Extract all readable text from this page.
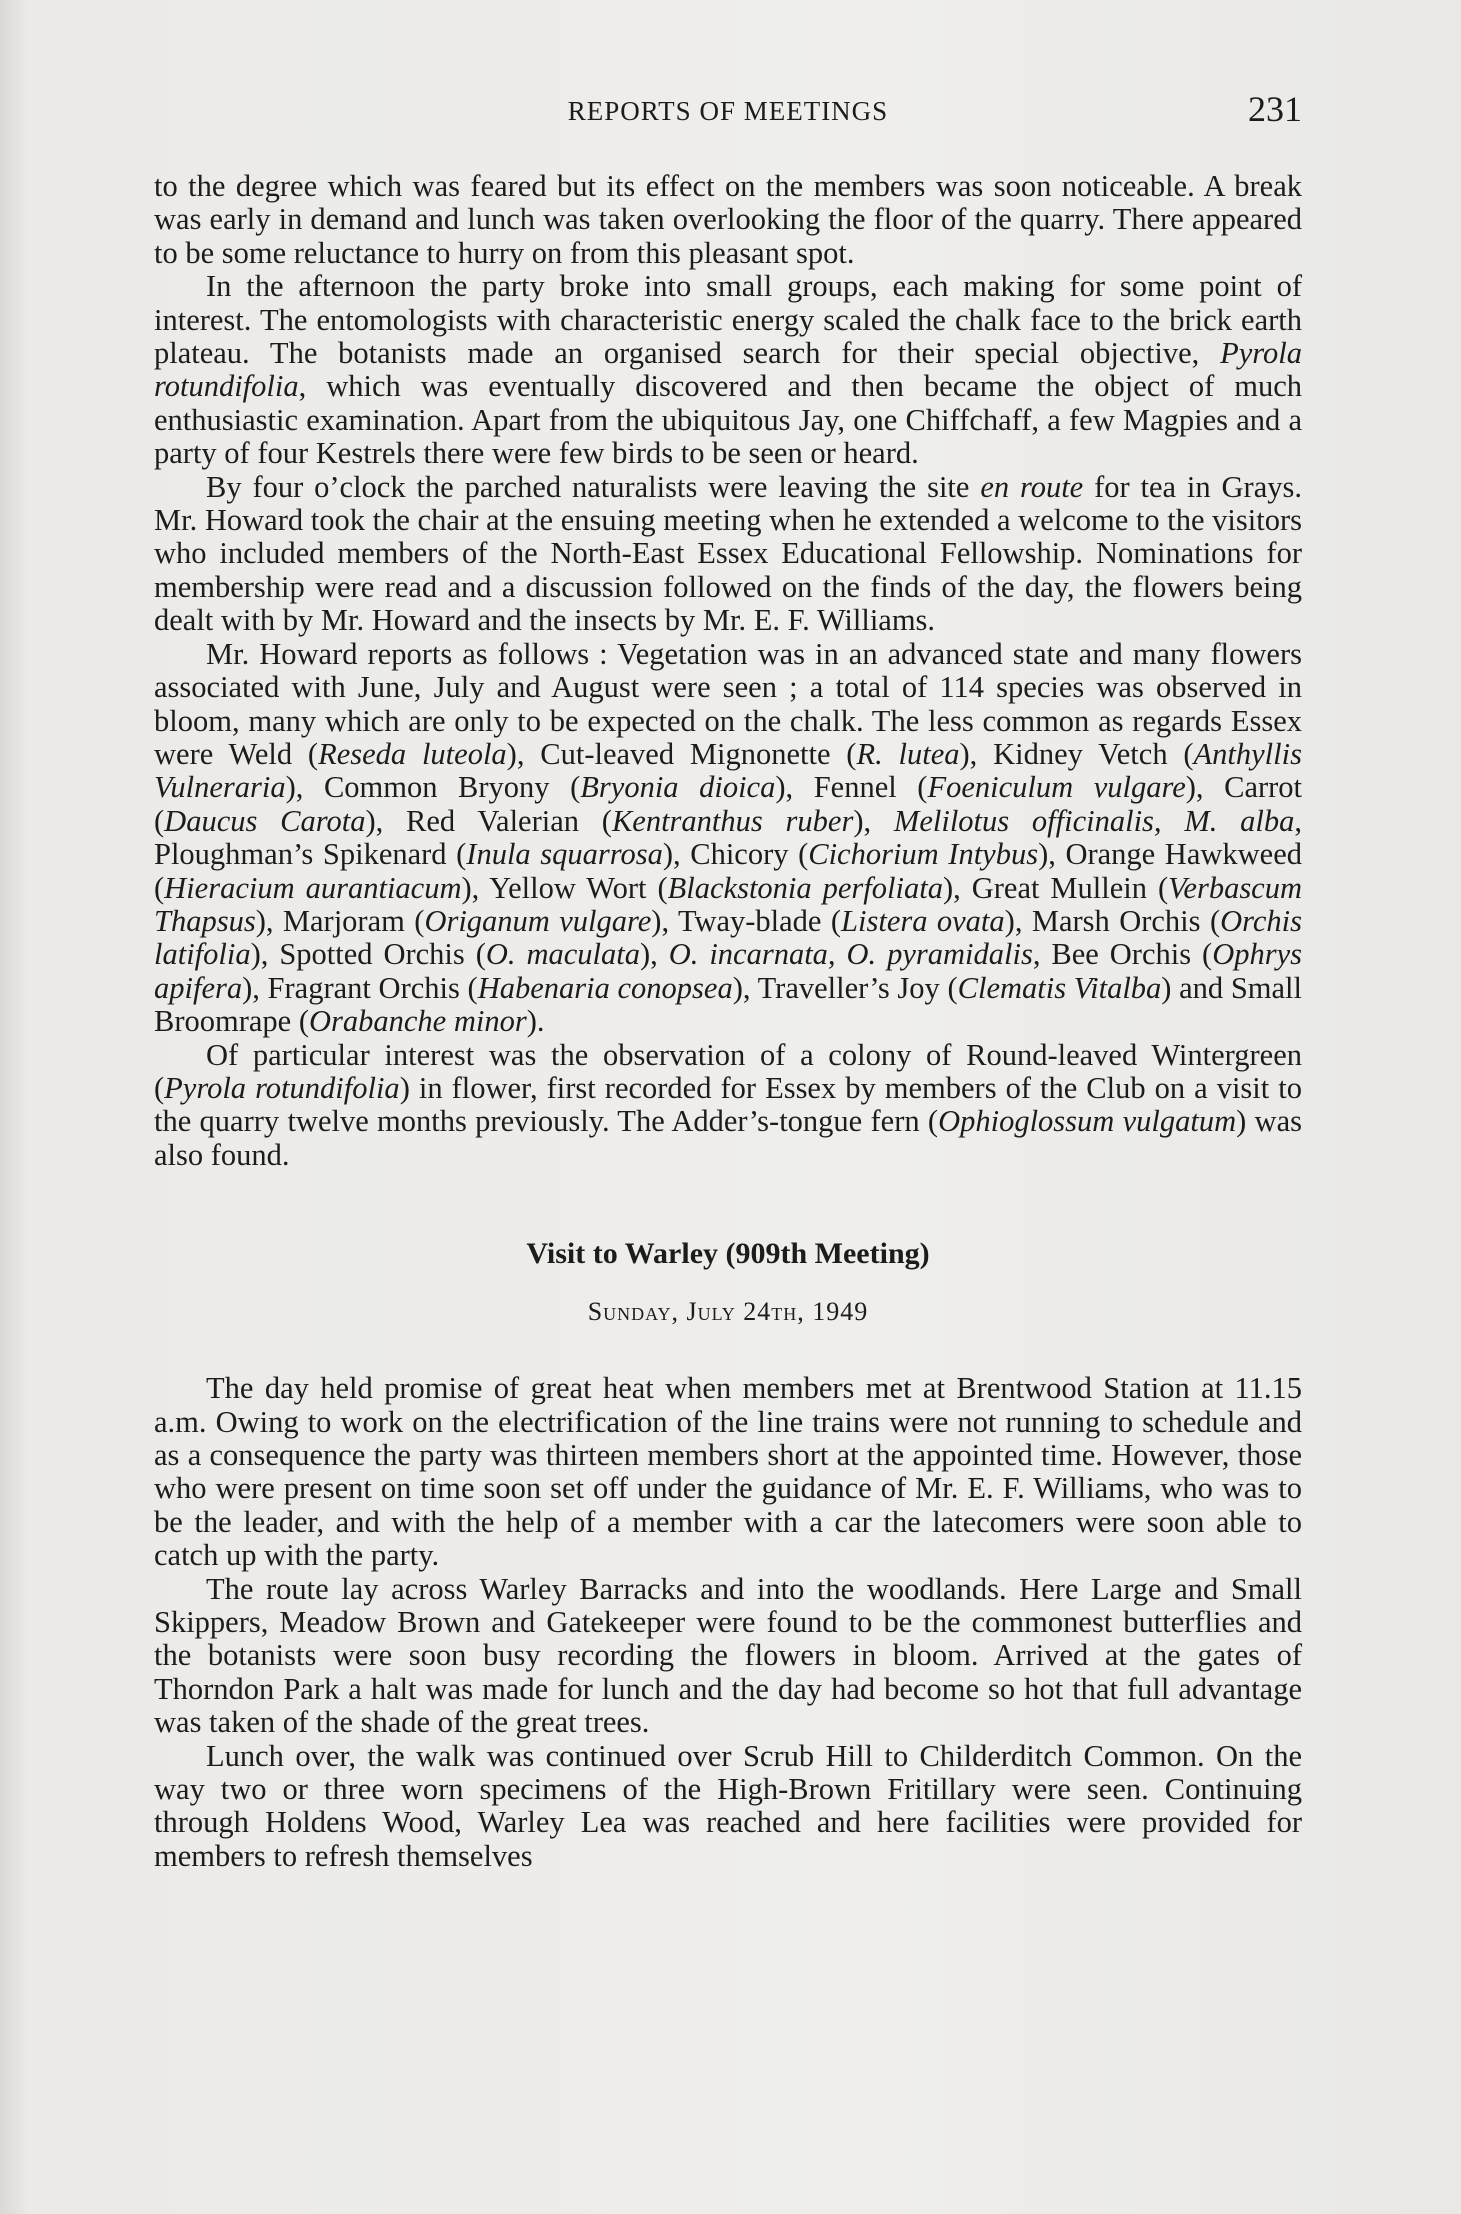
REPORTS OF MEETINGS	231

to the degree which was feared but its effect on the members was soon noticeable. A break was early in demand and lunch was taken overlooking the floor of the quarry. There appeared to be some reluctance to hurry on from this pleasant spot.

In the afternoon the party broke into small groups, each making for some point of interest. The entomologists with characteristic energy scaled the chalk face to the brick earth plateau. The botanists made an organised search for their special objective, Pyrola rotundifolia, which was eventually discovered and then became the object of much enthusiastic examination. Apart from the ubiquitous Jay, one Chiffchaff, a few Magpies and a party of four Kestrels there were few birds to be seen or heard.

By four o’clock the parched naturalists were leaving the site en route for tea in Grays. Mr. Howard took the chair at the ensuing meeting when he extended a welcome to the visitors who included members of the North-East Essex Educational Fellowship. Nominations for membership were read and a discussion followed on the finds of the day, the flowers being dealt with by Mr. Howard and the insects by Mr. E. F. Williams.

Mr. Howard reports as follows : Vegetation was in an advanced state and many flowers associated with June, July and August were seen ; a total of 114 species was observed in bloom, many which are only to be expected on the chalk. The less common as regards Essex were Weld (Reseda luteola), Cut-leaved Mignonette (R. lutea), Kidney Vetch (Anthyllis Vulneraria), Common Bryony (Bryonia dioica), Fennel (Foeniculum vulgare), Carrot (Daucus Carota), Red Valerian (Kentranthus ruber), Melilotus officinalis, M. alba, Ploughman’s Spikenard (Inula squarrosa), Chicory (Cichorium Intybus), Orange Hawkweed (Hieracium aurantiacum), Yellow Wort (Blackstonia perfoliata), Great Mullein (Verbascum Thapsus), Marjoram (Origanum vulgare), Tway-blade (Listera ovata), Marsh Orchis (Orchis latifolia), Spotted Orchis (O. maculata), O. incarnata, O. pyramidalis, Bee Orchis (Ophrys apifera), Fragrant Orchis (Habenaria conopsea), Traveller’s Joy (Clematis Vitalba) and Small Broomrape (Orabanche minor).

Of particular interest was the observation of a colony of Round-leaved Wintergreen (Pyrola rotundifolia) in flower, first recorded for Essex by members of the Club on a visit to the quarry twelve months previously. The Adder’s-tongue fern (Ophioglossum vulgatum) was also found.

Visit to Warley (909th Meeting)
Sunday, July 24th, 1949

The day held promise of great heat when members met at Brentwood Station at 11.15 a.m. Owing to work on the electrification of the line trains were not running to schedule and as a consequence the party was thirteen members short at the appointed time. However, those who were present on time soon set off under the guidance of Mr. E. F. Williams, who was to be the leader, and with the help of a member with a car the latecomers were soon able to catch up with the party.

The route lay across Warley Barracks and into the woodlands. Here Large and Small Skippers, Meadow Brown and Gatekeeper were found to be the commonest butterflies and the botanists were soon busy recording the flowers in bloom. Arrived at the gates of Thorndon Park a halt was made for lunch and the day had become so hot that full advantage was taken of the shade of the great trees.

Lunch over, the walk was continued over Scrub Hill to Childerditch Common. On the way two or three worn specimens of the High-Brown Fritillary were seen. Continuing through Holdens Wood, Warley Lea was reached and here facilities were provided for members to refresh themselves
